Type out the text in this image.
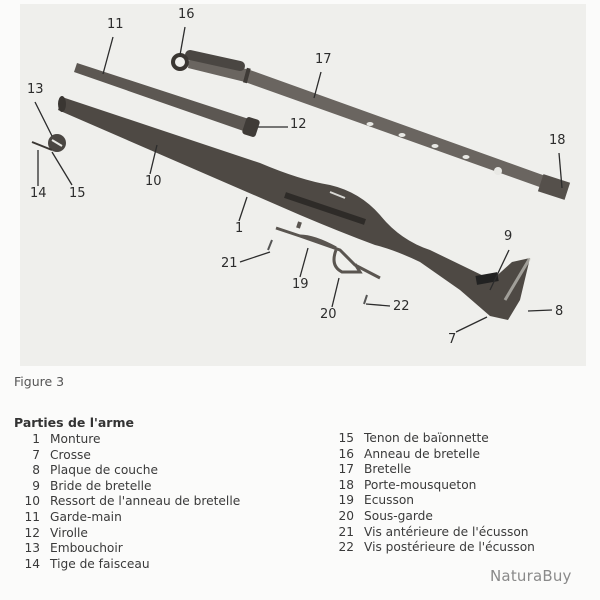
11
16
17
13
12
18
14 15
10
1
9
21
19
22	8
20
7
Figure 3
Parties de l'arme
1 Monture
7 Crosse
8 Plaque de couche
9 Bride de bretelle
10 Ressort de l'anneau de bretelle
11 Garde-main
12 Virolle
13 Embouchoir
14 Tige de faisceau
15 Tenon de baïonnette
16 Anneau de bretelle
17 Bretelle
18 Porte-mousqueton
19 Ecusson
20 Sous-garde
21 Vis antérieure de l'écusson
22 Vis postérieure de l'écusson
NaturaBuy
